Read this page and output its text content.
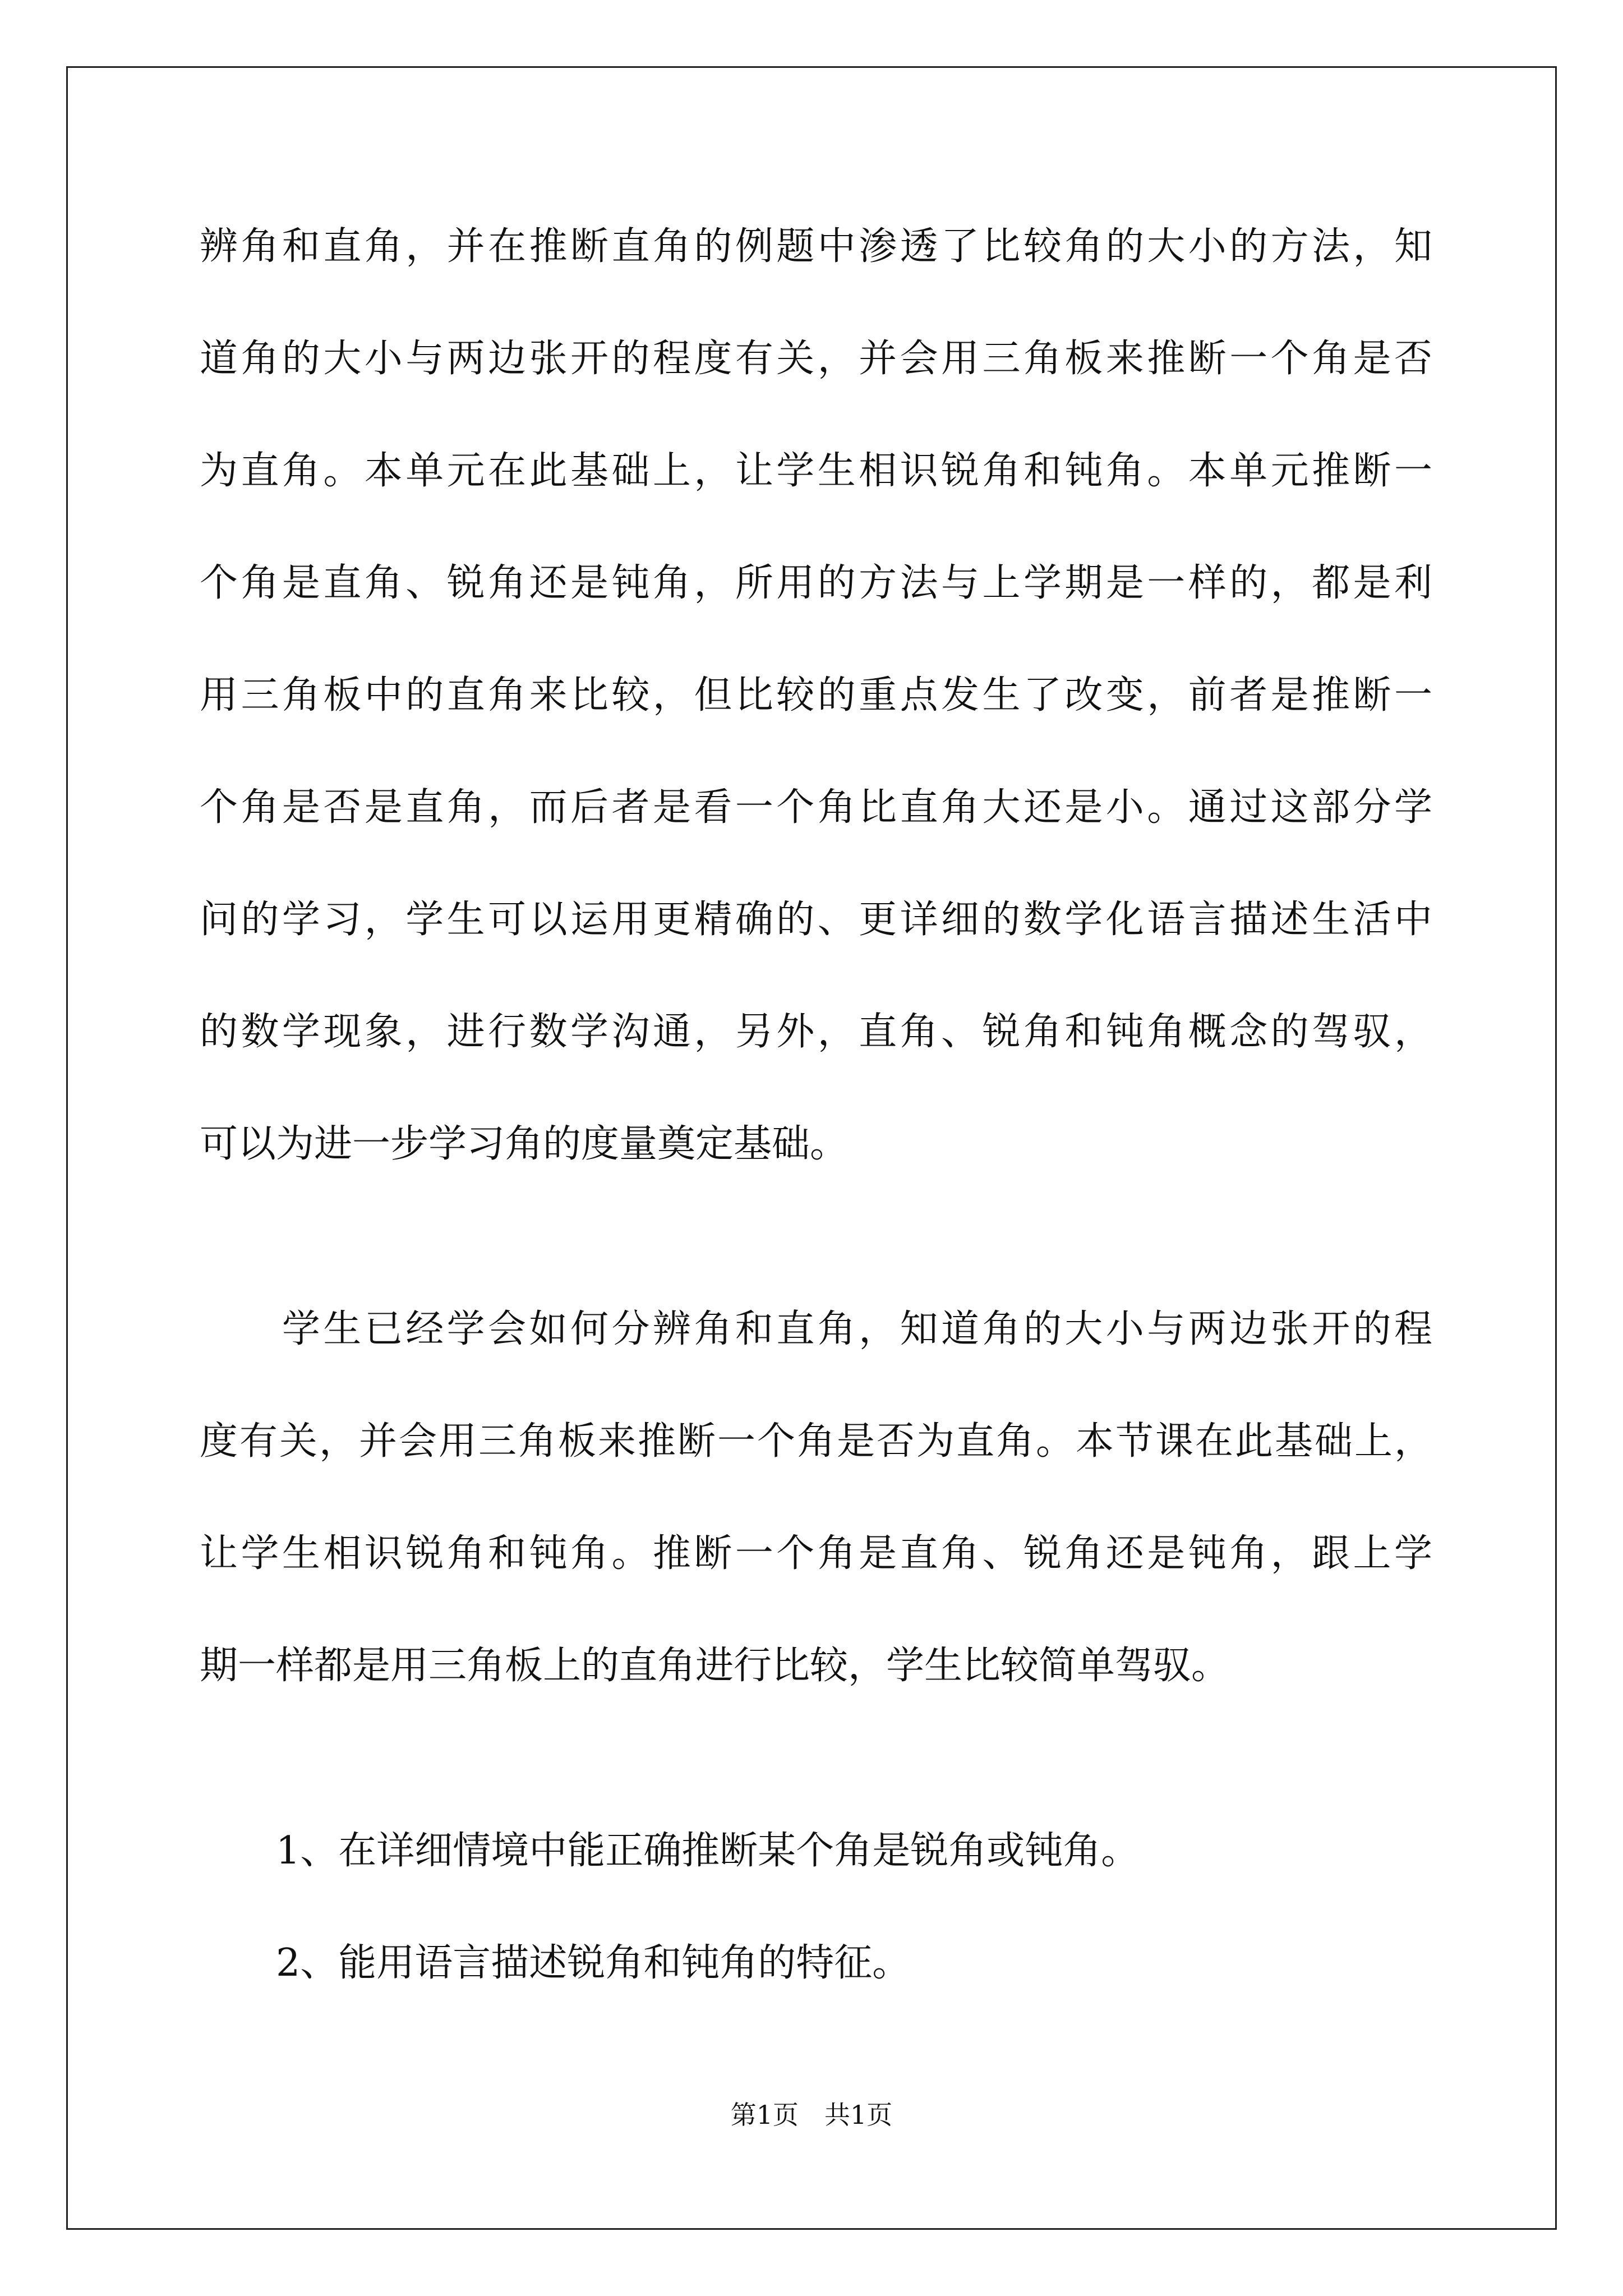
辨角和直角，并在推断直角的例题中渗透了比较角的大小的方法，知
道角的大小与两边张开的程度有关，并会用三角板来推断一个角是否
为直角。本单元在此基础上，让学生相识锐角和钝角。本单元推断一
个角是直角、锐角还是钝角，所用的方法与上学期是一样的，都是利
用三角板中的直角来比较，但比较的重点发生了改变，前者是推断一
个角是否是直角，而后者是看一个角比直角大还是小。通过这部分学
问的学习，学生可以运用更精确的、更详细的数学化语言描述生活中
的数学现象，进行数学沟通，另外，直角、锐角和钝角概念的驾驭，
可以为进一步学习角的度量奠定基础。
　　学生已经学会如何分辨角和直角，知道角的大小与两边张开的程
度有关，并会用三角板来推断一个角是否为直角。本节课在此基础上，
让学生相识锐角和钝角。推断一个角是直角、锐角还是钝角，跟上学
期一样都是用三角板上的直角进行比较，学生比较简单驾驭。
　　1、在详细情境中能正确推断某个角是锐角或钝角。
　　2、能用语言描述锐角和钝角的特征。
第1页　共1页
